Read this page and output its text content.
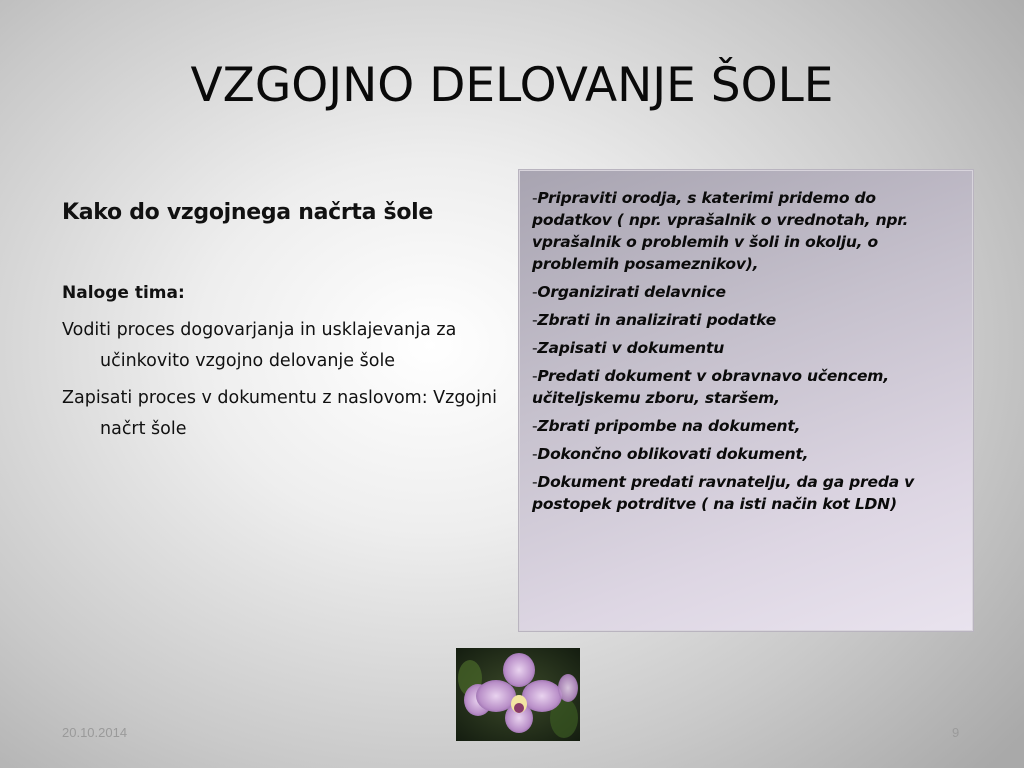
VZGOJNO DELOVANJE ŠOLE

Kako do vzgojnega načrta šole

Naloge tima:

Voditi proces dogovarjanja in usklajevanja za učinkovito vzgojno delovanje šole

Zapisati proces v dokumentu z naslovom: Vzgojni načrt šole

-Pripraviti orodja, s katerimi pridemo do podatkov ( npr. vprašalnik o vrednotah, npr. vprašalnik o problemih v šoli in okolju, o problemih posameznikov),

-Organizirati delavnice

-Zbrati in analizirati podatke

-Zapisati v dokumentu

-Predati dokument v obravnavo učencem, učiteljskemu zboru, staršem,

-Zbrati pripombe na dokument,

-Dokončno oblikovati dokument,

-Dokument predati ravnatelju, da ga preda v postopek potrditve ( na isti način kot LDN)

20.10.2014	9
